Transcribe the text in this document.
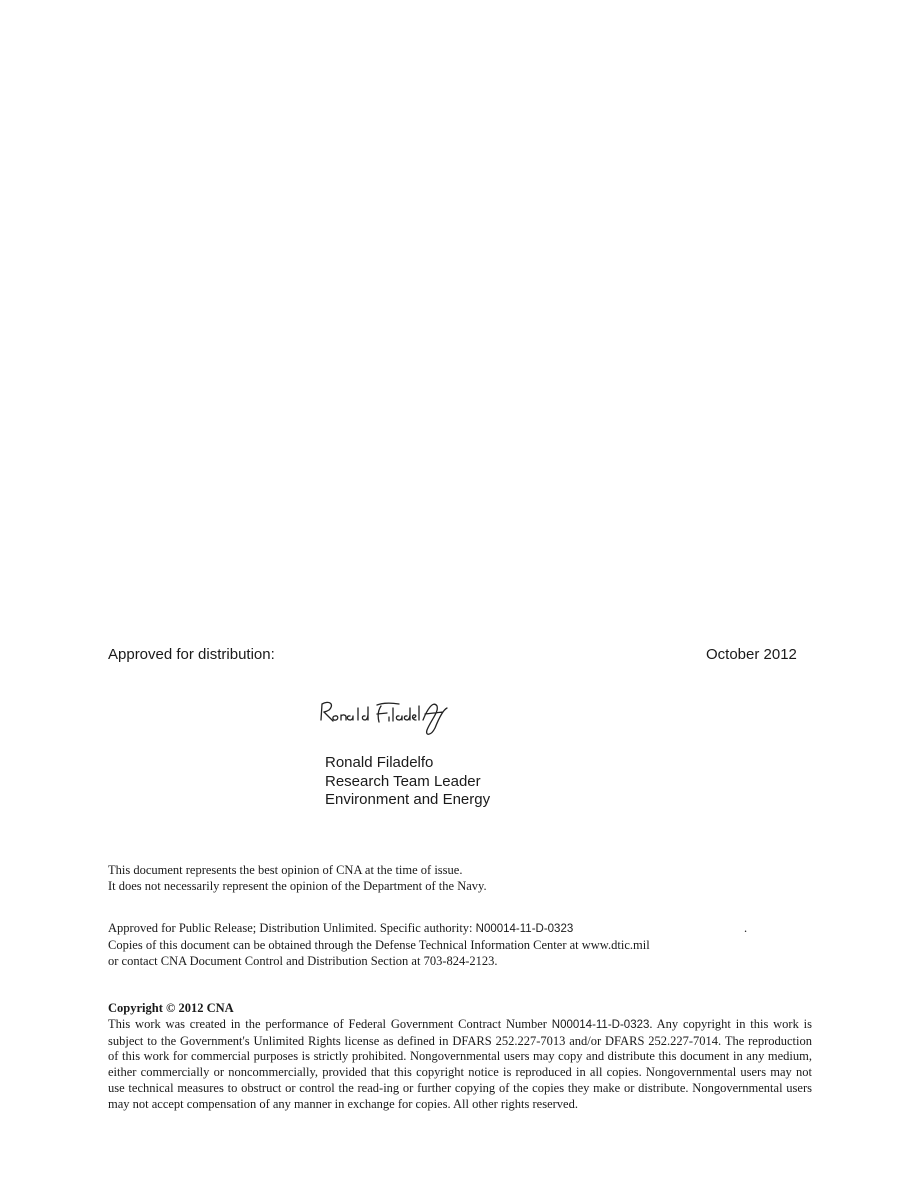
Approved for distribution:	October 2012
Ronald Filadelfo
Research Team Leader
Environment and Energy
This document represents the best opinion of CNA at the time of issue.
It does not necessarily represent the opinion of the Department of the Navy.
Approved for Public Release; Distribution Unlimited. Specific authority: N00014-11-D-0323	.
Copies of this document can be obtained through the Defense Technical Information Center at www.dtic.mil
or contact CNA Document Control and Distribution Section at 703-824-2123.
Copyright © 2012 CNA
This work was created in the performance of Federal Government Contract Number N00014-11-D-0323. Any copyright in this work is subject to the Government's Unlimited Rights license as defined in DFARS 252.227-7013 and/or DFARS 252.227-7014. The reproduction of this work for commercial purposes is strictly prohibited. Nongovernmental users may copy and distribute this document in any medium, either commercially or noncommercially, provided that this copyright notice is reproduced in all copies. Nongovernmental users may not use technical measures to obstruct or control the read-ing or further copying of the copies they make or distribute. Nongovernmental users may not accept compensation of any manner in exchange for copies. All other rights reserved.
